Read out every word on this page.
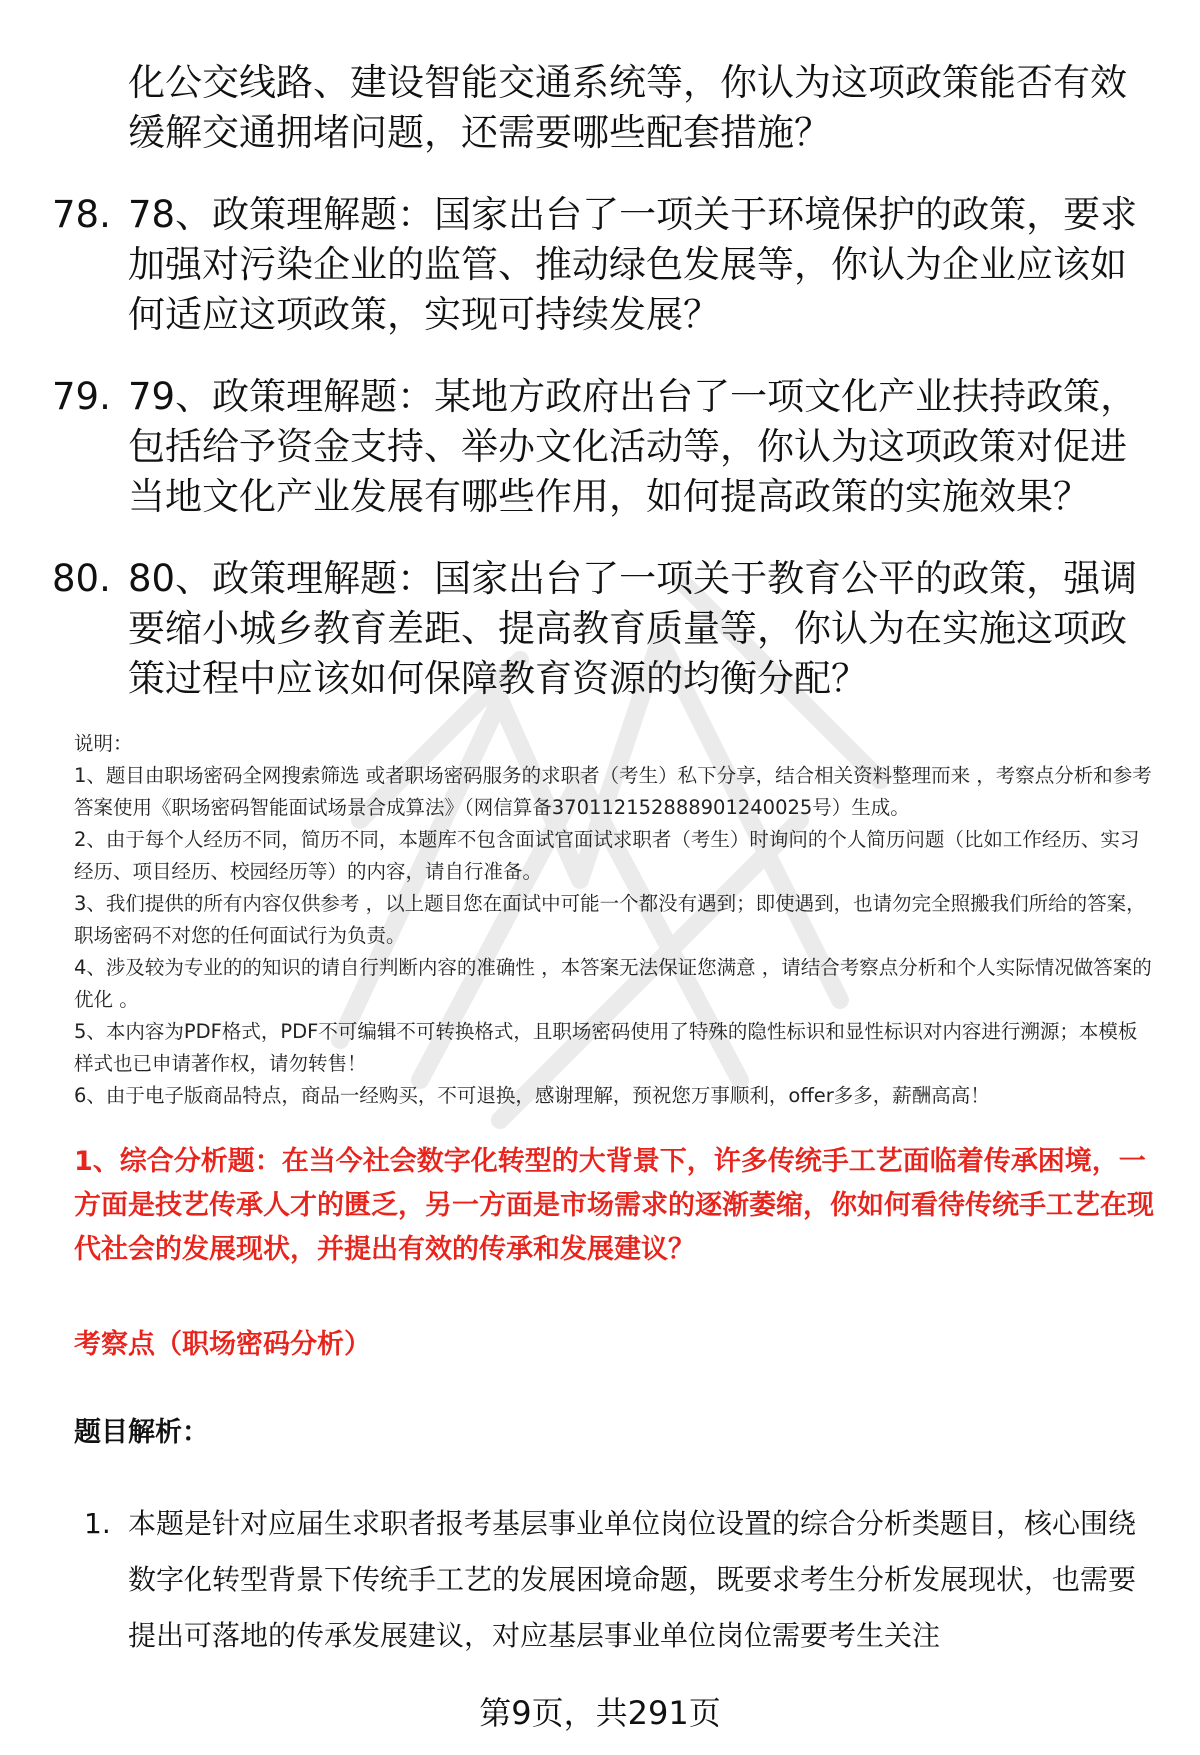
化公交线路、建设智能交通系统等，你认为这项政策能否有效缓解交通拥堵问题，还需要哪些配套措施？
78. 78、政策理解题：国家出台了一项关于环境保护的政策，要求加强对污染企业的监管、推动绿色发展等，你认为企业应该如何适应这项政策，实现可持续发展？
79. 79、政策理解题：某地方政府出台了一项文化产业扶持政策，包括给予资金支持、举办文化活动等，你认为这项政策对促进当地文化产业发展有哪些作用，如何提高政策的实施效果？
80. 80、政策理解题：国家出台了一项关于教育公平的政策，强调要缩小城乡教育差距、提高教育质量等，你认为在实施这项政策过程中应该如何保障教育资源的均衡分配？

说明：

1、题目由职场密码全网搜索筛选 或者职场密码服务的求职者（考生）私下分享，结合相关资料整理而来 ，考察点分析和参考答案使用《职场密码智能面试场景合成算法》（网信算备370112152888901240025号）生成。

2、由于每个人经历不同，简历不同，本题库不包含面试官面试求职者（考生）时询问的个人简历问题（比如工作经历、实习经历、项目经历、校园经历等）的内容，请自行准备。

3、我们提供的所有内容仅供参考 ，以上题目您在面试中可能一个都没有遇到；即使遇到，也请勿完全照搬我们所给的答案，职场密码不对您的任何面试行为负责。

4、涉及较为专业的的知识的请自行判断内容的准确性 ，本答案无法保证您满意 ，请结合考察点分析和个人实际情况做答案的优化 。

5、本内容为PDF格式，PDF不可编辑不可转换格式，且职场密码使用了特殊的隐性标识和显性标识对内容进行溯源；本模板样式也已申请著作权，请勿转售！

6、由于电子版商品特点，商品一经购买，不可退换，感谢理解，预祝您万事顺利，offer多多，薪酬高高！

1、综合分析题：在当今社会数字化转型的大背景下，许多传统手工艺面临着传承困境，一方面是技艺传承人才的匮乏，另一方面是市场需求的逐渐萎缩，你如何看待传统手工艺在现代社会的发展现状，并提出有效的传承和发展建议？
考察点（职场密码分析）
题目解析：
1. 本题是针对应届生求职者报考基层事业单位岗位设置的综合分析类题目，核心围绕数字化转型背景下传统手工艺的发展困境命题，既要求考生分析发展现状，也需要提出可落地的传承发展建议，对应基层事业单位岗位需要考生关注
第9页，共291页
